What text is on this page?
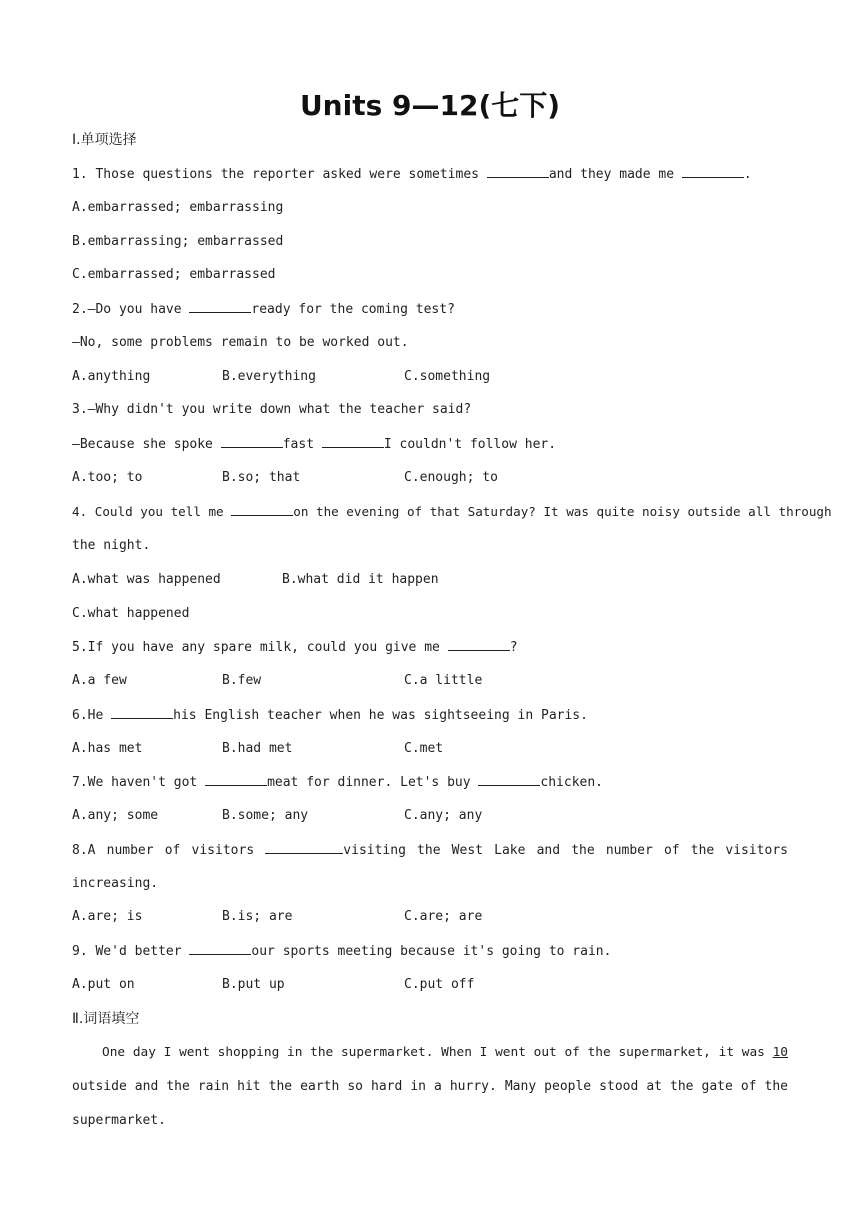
Units 9—12(七下)
Ⅰ.单项选择
1. Those questions the reporter asked were sometimes	and they made me	.
A.embarrassed; embarrassing
B.embarrassing; embarrassed
C.embarrassed; embarrassed
2.—Do you have	ready for the coming test?
—No, some problems remain to be worked out.
A.anything	B.everything	C.something
3.—Why didn't you write down what the teacher said?
—Because she spoke	fast	I couldn't follow her.
A.too; to	B.so; that	C.enough; to
4. Could you tell me	on the evening of that Saturday? It was quite noisy outside all through
the night.
A.what was happened	B.what did it happen
C.what happened
5.If you have any spare milk, could you give me	?
A.a few	B.few	C.a little
6.He	his English teacher when he was sightseeing in Paris.
A.has met	B.had met	C.met
7.We haven't got	meat for dinner. Let's buy	chicken.
A.any; some	B.some; any	C.any; any
8.A number of visitors	visiting the West Lake and the number of the visitors
increasing.
A.are; is	B.is; are	C.are; are
9. We'd better	our sports meeting because it's going to rain.
A.put on	B.put up	C.put off
Ⅱ.词语填空
One day I went shopping in the supermarket. When I went out of the supermarket, it was 10
outside and the rain hit the earth so hard in a hurry. Many people stood at the gate of the
supermarket.
